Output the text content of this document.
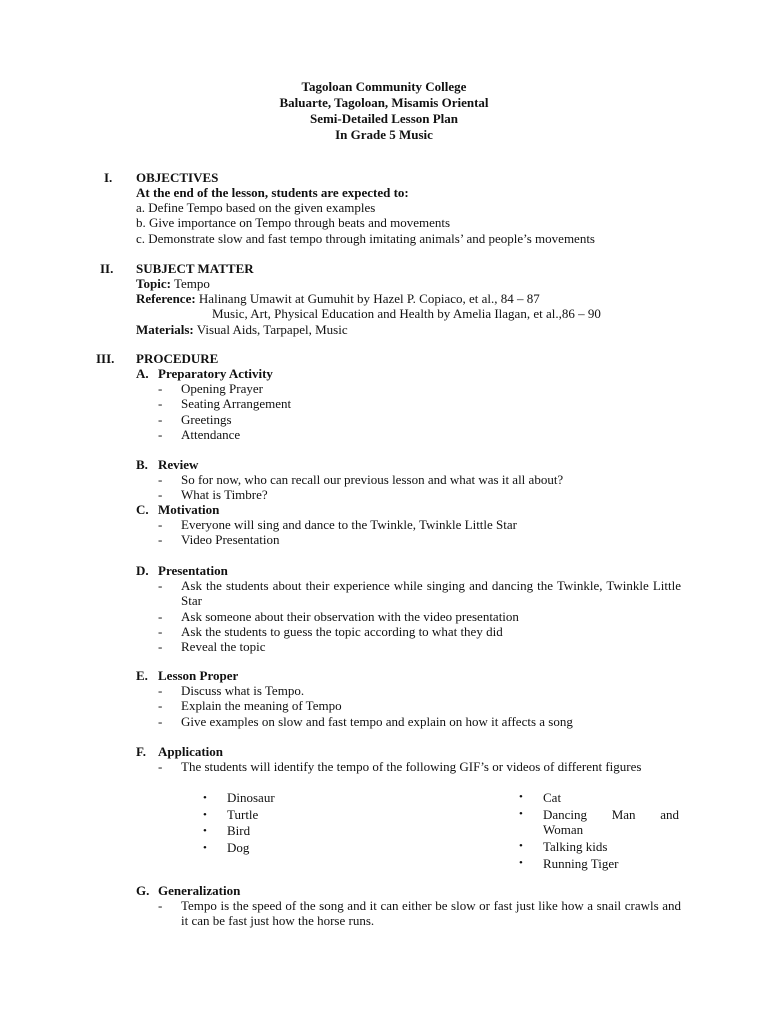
Tagoloan Community College
Baluarte, Tagoloan, Misamis Oriental
Semi-Detailed Lesson Plan
In Grade 5 Music
I. OBJECTIVES
At the end of the lesson, students are expected to:
a. Define Tempo based on the given examples
b. Give importance on Tempo through beats and movements
c. Demonstrate slow and fast tempo through imitating animals’ and people’s movements
II. SUBJECT MATTER
Topic: Tempo
Reference: Halinang Umawit at Gumuhit by Hazel P. Copiaco, et al., 84 – 87
Music, Art, Physical Education and Health by Amelia Ilagan, et al.,86 – 90
Materials: Visual Aids, Tarpapel, Music
III. PROCEDURE
A. Preparatory Activity
- Opening Prayer
- Seating Arrangement
- Greetings
- Attendance
B. Review
- So for now, who can recall our previous lesson and what was it all about?
- What is Timbre?
C. Motivation
- Everyone will sing and dance to the Twinkle, Twinkle Little Star
- Video Presentation
D. Presentation
- Ask the students about their experience while singing and dancing the Twinkle, Twinkle Little Star
- Ask someone about their observation with the video presentation
- Ask the students to guess the topic according to what they did
- Reveal the topic
E. Lesson Proper
- Discuss what is Tempo.
- Explain the meaning of Tempo
- Give examples on slow and fast tempo and explain on how it affects a song
F. Application
- The students will identify the tempo of the following GIF’s or videos of different figures
• Dinosaur
• Turtle
• Bird
• Dog
• Cat
• Dancing Man and Woman
• Talking kids
• Running Tiger
G. Generalization
- Tempo is the speed of the song and it can either be slow or fast just like how a snail crawls and it can be fast just how the horse runs.
